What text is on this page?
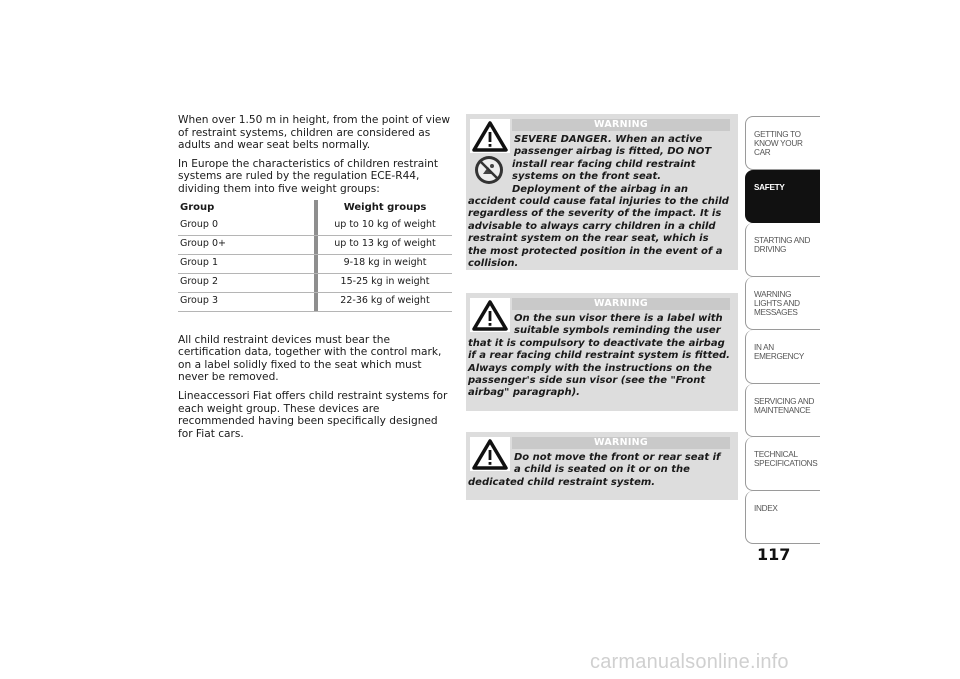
When over 1.50 m in height, from the point of view of restraint systems, children are considered as adults and wear seat belts normally.

In Europe the characteristics of children restraint systems are ruled by the regulation ECE-R44, dividing them into five weight groups:

Group	Weight groups
Group 0	up to 10 kg of weight
Group 0+	up to 13 kg of weight
Group 1	9-18 kg in weight
Group 2	15-25 kg in weight
Group 3	22-36 kg of weight

All child restraint devices must bear the certification data, together with the control mark, on a label solidly fixed to the seat which must never be removed.

Lineaccessori Fiat offers child restraint systems for each weight group. These devices are recommended having been specifically designed for Fiat cars.

WARNING
SEVERE DANGER. When an active passenger airbag is fitted, DO NOT install rear facing child restraint systems on the front seat. Deployment of the airbag in an accident could cause fatal injuries to the child regardless of the severity of the impact. It is advisable to always carry children in a child restraint system on the rear seat, which is the most protected position in the event of a collision.
WARNING
On the sun visor there is a label with suitable symbols reminding the user that it is compulsory to deactivate the airbag if a rear facing child restraint system is fitted. Always comply with the instructions on the passenger's side sun visor (see the "Front airbag" paragraph).
WARNING
Do not move the front or rear seat if a child is seated on it or on the dedicated child restraint system.
GETTING TO KNOW YOUR CAR
SAFETY
STARTING AND DRIVING
WARNING LIGHTS AND MESSAGES
IN AN EMERGENCY
SERVICING AND MAINTENANCE
TECHNICAL SPECIFICATIONS
INDEX
117
carmanualsonline.info
